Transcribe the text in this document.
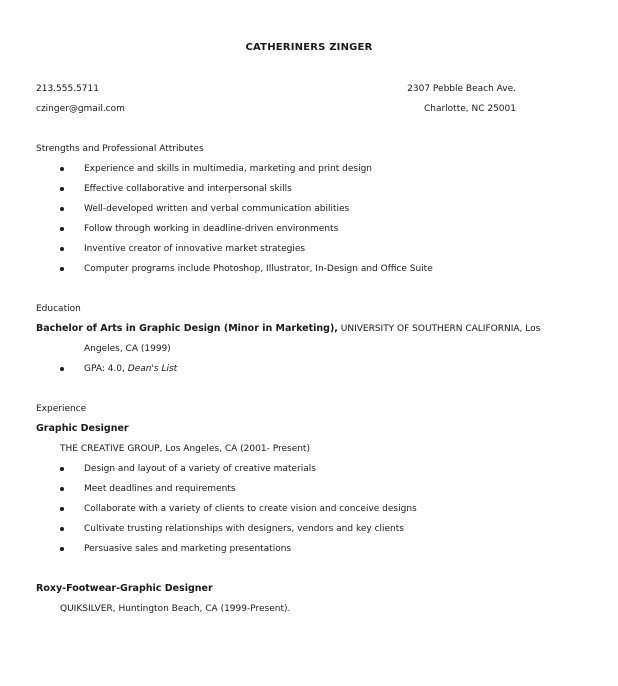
CATHERINERS ZINGER
213.555.5711
czinger@gmail.com
2307 Pebble Beach Ave.
Charlotte, NC 25001
Strengths and Professional Attributes
Experience and skills in multimedia, marketing and print design
Effective collaborative and interpersonal skills
Well-developed written and verbal communication abilities
Follow through working in deadline-driven environments
Inventive creator of innovative market strategies
Computer programs include Photoshop, Illustrator, In-Design and Office Suite
Education
Bachelor of Arts in Graphic Design (Minor in Marketing), UNIVERSITY OF SOUTHERN CALIFORNIA, Los
Angeles, CA (1999)
GPA: 4.0, Dean's List
Experience
Graphic Designer
THE CREATIVE GROUP, Los Angeles, CA (2001- Present)
Design and layout of a variety of creative materials
Meet deadlines and requirements
Collaborate with a variety of clients to create vision and conceive designs
Cultivate trusting relationships with designers, vendors and key clients
Persuasive sales and marketing presentations
Roxy-Footwear-Graphic Designer
QUIKSILVER, Huntington Beach, CA (1999-Present).
